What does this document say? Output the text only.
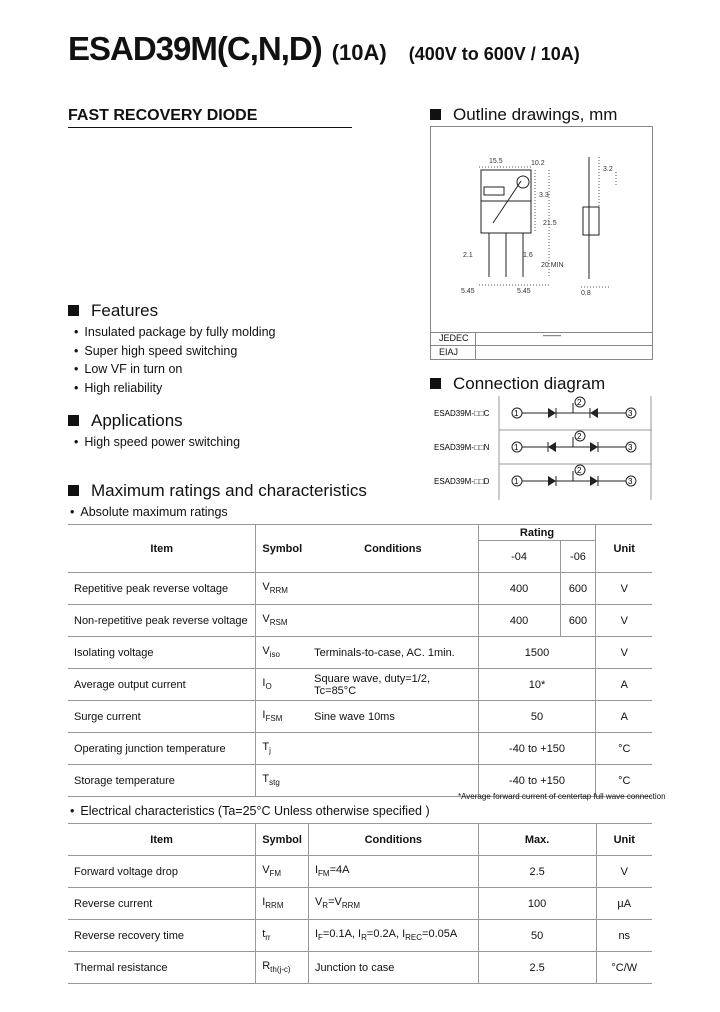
ESAD39M(C,N,D) (10A) (400V to 600V / 10A)
FAST RECOVERY DIODE	Outline drawings, mm
15.5	10.2
3.2
3.3
2.1	1.6
21.5
20 MIN
5.45	5.45	0.8
JEDEC	——
EIAJ
Features
• Insulated package by fully molding
• Super high speed switching
• Low VF in turn on
• High reliability
Applications
• High speed power switching
Connection diagram
ESAD39M-□□C	1
2
3
ESAD39M-□□N	1
2
3
ESAD39M-□□D	1
2
3
Maximum ratings and characteristics
• Absolute maximum ratings
Item	Symbol	Conditions	Rating		Unit
			-04	-06	
Repetitive peak reverse voltage	$V_{RRM}$		400	600	V
Non-repetitive peak reverse voltage	$V_{RSM}$		400	600	V
Isolating voltage	$V_{iso}$	Terminals-to-case, AC. 1min.	1500		V
Average output current	$I_O$	Square wave, duty=1/2, Tc=85°C	10*		A
Surge current	$I_{FSM}$	Sine wave 10ms	50		A
Operating junction temperature	$T_j$		-40 to +150		°C
Storage temperature	$T_{stg}$		-40 to +150		°C
• Electrical characteristics (Ta=25°C Unless otherwise specified )
*Average forward current of centertap full wave connection
Item	Symbol	Conditions	Max.	Unit
Forward voltage drop	$V_{FM}$	$I_{FM}=4A$	2.5	V
Reverse current	$I_{RRM}$	$V_R=V_{RRM}$	100	µA
Reverse recovery time	$t_{rr}$	$I_F=0.1A$, $I_R=0.2A$, $I_{REC}=0.05A$	50	ns
Thermal resistance	$R_{th(j-c)}$	Junction to case	2.5	°C/W
